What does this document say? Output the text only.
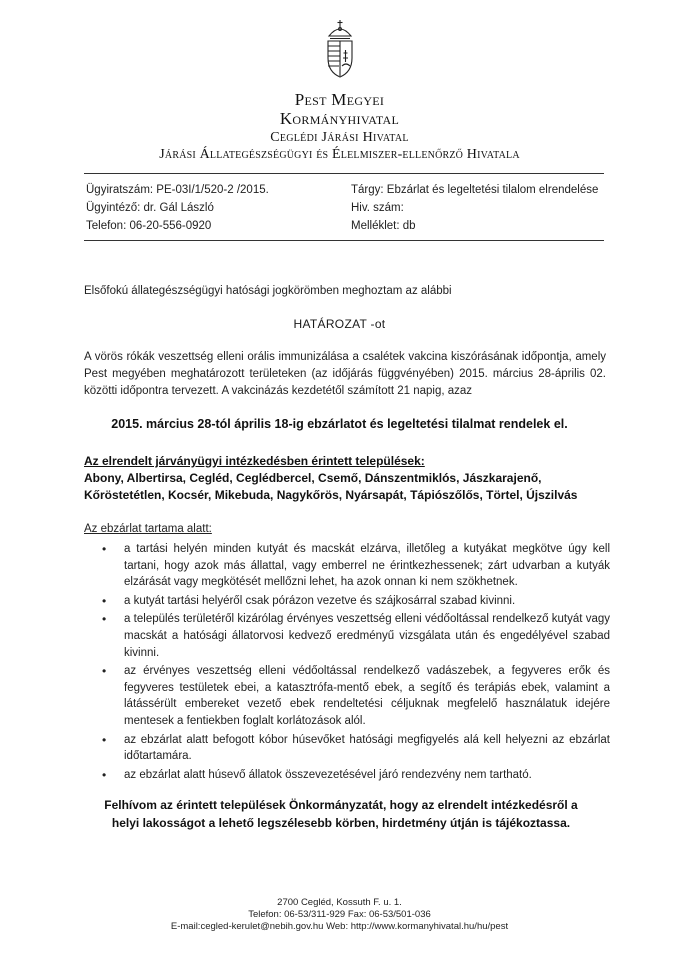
Pest Megyei
Kormányhivatal
Ceglédi Járási Hivatal
Járási Állategészségügyi és Élelmiszer-ellenőrző Hivatala
Ügyiratszám: PE-03I/1/520-2 /2015.
Ügyintéző: dr. Gál László
Telefon: 06-20-556-0920
Tárgy: Ebzárlat és legeltetési tilalom elrendelése
Hiv. szám:
Melléklet: db
Elsőfokú állategészségügyi hatósági jogkörömben meghoztam az alábbi
HATÁROZAT -ot
A vörös rókák veszettség elleni orális immunizálása a csalétek vakcina kiszórásának időpontja, amely Pest megyében meghatározott területeken (az időjárás függvényében) 2015. március 28-április 02. közötti időpontra tervezett. A vakcinázás kezdetétől számított 21 napig, azaz
2015. március 28-tól április 18-ig ebzárlatot és legeltetési tilalmat rendelek el.
Az elrendelt járványügyi intézkedésben érintett települések:
Abony, Albertirsa, Cegléd, Ceglédbercel, Csemő, Dánszentmiklós, Jászkarajenő, Kőröstetétlen, Kocsér, Mikebuda, Nagykőrös, Nyársapát, Tápiószőlős, Törtel, Újszilvás
Az ebzárlat tartama alatt:
• a tartási helyén minden kutyát és macskát elzárva, illetőleg a kutyákat megkötve úgy kell tartani, hogy azok más állattal, vagy emberrel ne érintkezhessenek; zárt udvarban a kutyák elzárását vagy megkötését mellőzni lehet, ha azok onnan ki nem szökhetnek.
• a kutyát tartási helyéről csak pórázon vezetve és szájkosárral szabad kivinni.
• a település területéről kizárólag érvényes veszettség elleni védőoltással rendelkező kutyát vagy macskát a hatósági állatorvosi kedvező eredményű vizsgálata után és engedélyével szabad kivinni.
• az érvényes veszettség elleni védőoltással rendelkező vadászebek, a fegyveres erők és fegyveres testületek ebei, a katasztrófa-mentő ebek, a segítő és terápiás ebek, valamint a látássérült embereket vezető ebek rendeltetési céljuknak megfelelő használatuk idejére mentesek a fentiekben foglalt korlátozások alól.
• az ebzárlat alatt befogott kóbor húsevőket hatósági megfigyelés alá kell helyezni az ebzárlat időtartamára.
• az ebzárlat alatt húsevő állatok összevezetésével járó rendezvény nem tartható.
Felhívom az érintett települések Önkormányzatát, hogy az elrendelt intézkedésről a helyi lakosságot a lehető legszélesebb körben, hirdetmény útján is tájékoztassa.
2700 Cegléd, Kossuth F. u. 1.
Telefon: 06-53/311-929 Fax: 06-53/501-036
E-mail:cegled-kerulet@nebih.gov.hu Web: http://www.kormanyhivatal.hu/hu/pest
